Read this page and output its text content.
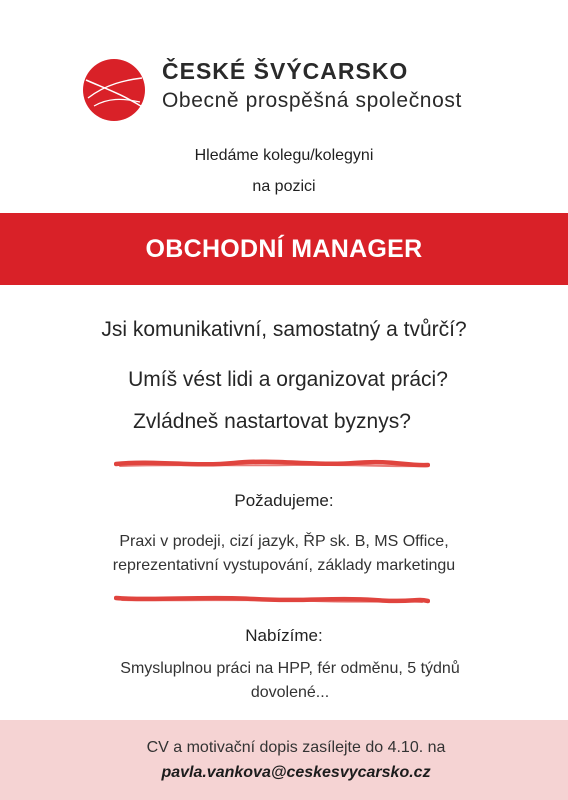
ČESKÉ ŠVÝCARSKO
Obecně prospěšná společnost
Hledáme kolegu/kolegyni
na pozici
OBCHODNÍ MANAGER
Jsi komunikativní, samostatný a tvůrčí?
Umíš vést lidi a organizovat práci?
Zvládneš nastartovat byznys?
Požadujeme:
Praxi v prodeji, cizí jazyk, ŘP sk. B, MS Office,
reprezentativní vystupování, základy marketingu
Nabízíme:
Smysluplnou práci na HPP, fér odměnu, 5 týdnů
dovolené...
CV a motivační dopis zasílejte do 4.10. na
pavla.vankova@ceskesvycarsko.cz
